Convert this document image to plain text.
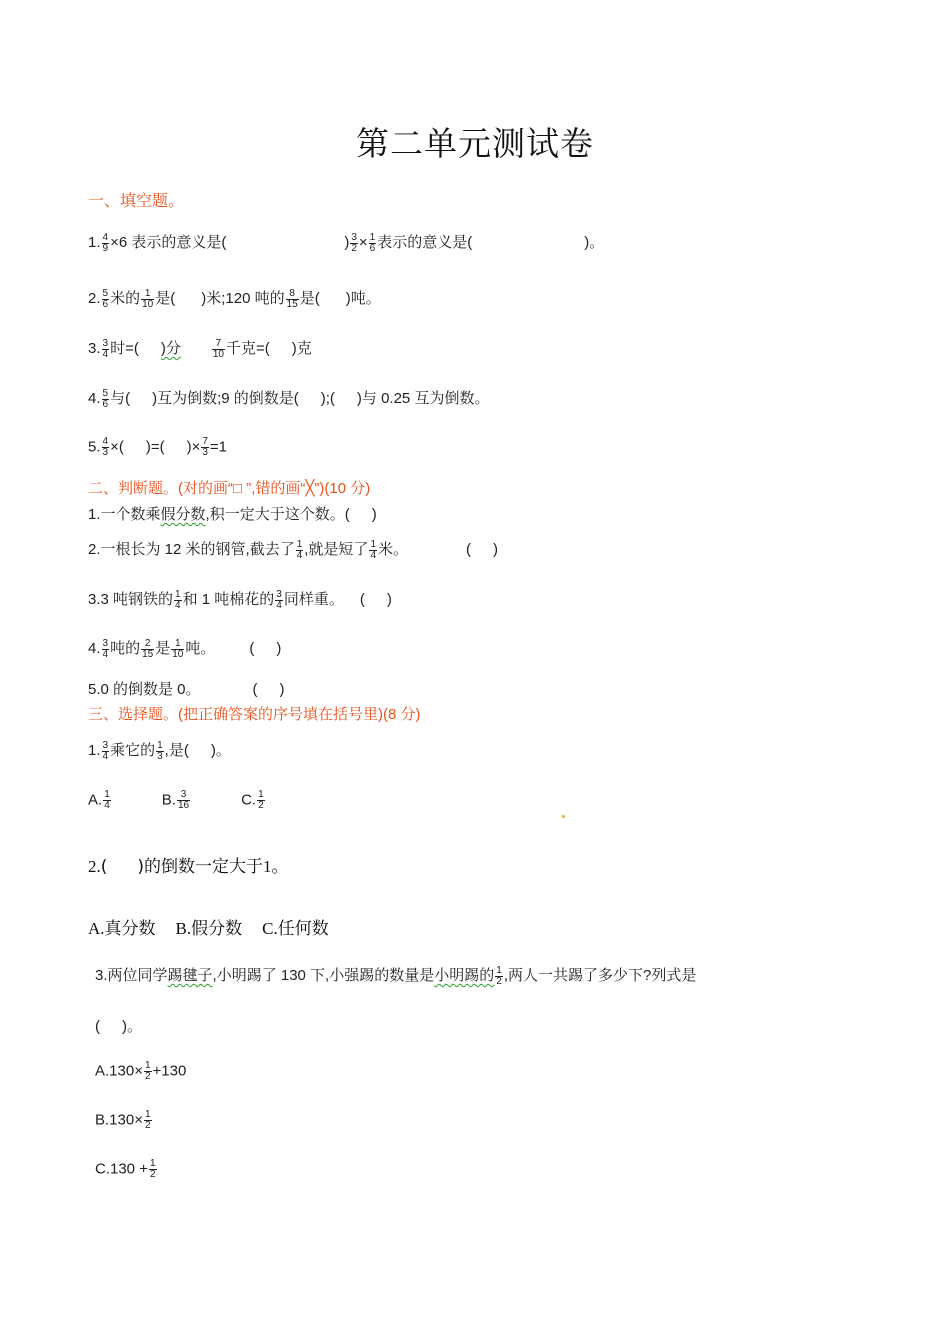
第二单元测试卷
一、填空题。
1. $\frac{4}{9} \times 6$ 表示的意义是(	) $\frac{3}{2} \times \frac{1}{6}$ 表示的意义是(	)。
2. $\frac{5}{6}$ 米的 $\frac{1}{10}$ 是( )米;120 吨的 $\frac{8}{15}$ 是( )吨。
3. $\frac{3}{4}$ 时=( )分	$\frac{7}{10}$ 千克=( )克
4. $\frac{5}{6}$ 与( )互为倒数;9 的倒数是( );( )与 0.25 互为倒数。
5. $\frac{4}{3}$ ×( )=( )× $\frac{7}{3} =1$
二、判断题。(对的画“□ ”,错的画“╳”)(10 分)
1.一个数乘假分数,积一定大于这个数。( )
2.一根长为 12 米的钢管,截去了 $\frac{1}{4}$ ,就是短了 $\frac{1}{4}$ 米。	( )
3.3 吨钢铁的 $\frac{1}{4}$ 和 1 吨棉花的 $\frac{3}{4}$ 同样重。 ( )
4. $\frac{3}{4}$ 吨的 $\frac{2}{15}$ 是 $\frac{1}{10}$ 吨。 ( )
5.0 的倒数是 0。	( )
三、选择题。(把正确答案的序号填在括号里)(8 分)
1. $\frac{3}{4}$ 乘它的 $\frac{1}{3}$ ,是( )。
A. $\frac{1}{4}$	B. $\frac{3}{16}$	C. $\frac{1}{2}$
2.( )的倒数一定大于1。
A.真分数 B.假分数 C.任何数
3.两位同学踢毽子,小明踢了 130 下,小强踢的数量是小明踢的 $\frac{1}{2}$ ,两人一共踢了多少下?列式是
( )。
$A.130\times \frac{1}{2} +130$
$B.130\times \frac{1}{2}$
$C.130 + \frac{1}{2}$
